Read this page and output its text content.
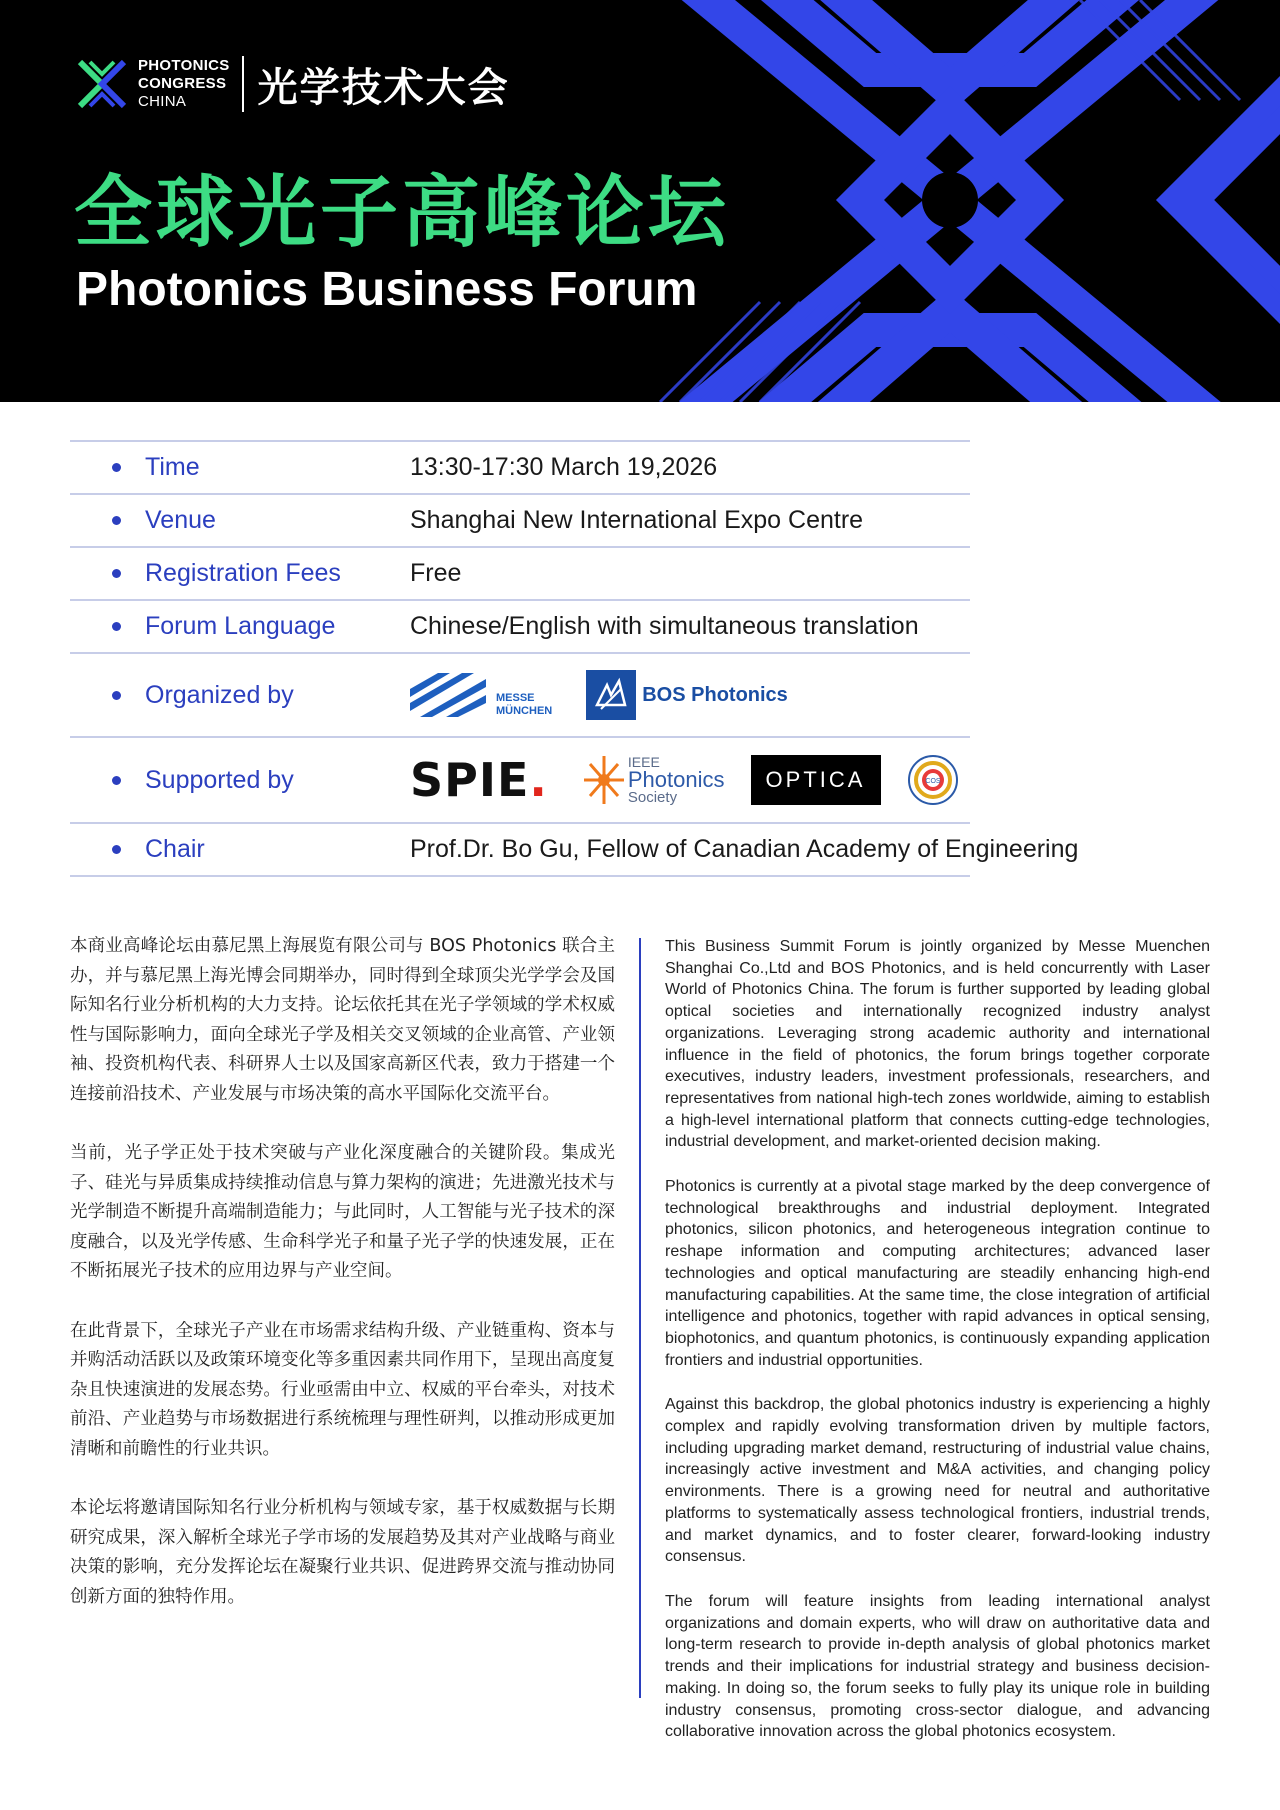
PHOTONICS
CONGRESS
CHINA	光学技术大会
全球光子高峰论坛
Photonics Business Forum
Time	13:30-17:30 March 19,2026
Venue	Shanghai New International Expo Centre
Registration Fees	Free
Forum Language	Chinese/English with simultaneous translation
Organized by	MESSE
MÜNCHEN
BOS Photonics
Supported by	SPIE.	IEEE
Photonics
Society
OPTICA	COS
Chair	Prof.Dr. Bo Gu, Fellow of Canadian Academy of Engineering

本商业高峰论坛由慕尼黑上海展览有限公司与 BOS Photonics 联合主办，并与慕尼黑上海光博会同期举办，同时得到全球顶尖光学学会及国际知名行业分析机构的大力支持。论坛依托其在光子学领域的学术权威性与国际影响力，面向全球光子学及相关交叉领域的企业高管、产业领袖、投资机构代表、科研界人士以及国家高新区代表，致力于搭建一个连接前沿技术、产业发展与市场决策的高水平国际化交流平台。

当前，光子学正处于技术突破与产业化深度融合的关键阶段。集成光子、硅光与异质集成持续推动信息与算力架构的演进；先进激光技术与光学制造不断提升高端制造能力；与此同时，人工智能与光子技术的深度融合，以及光学传感、生命科学光子和量子光子学的快速发展，正在不断拓展光子技术的应用边界与产业空间。

在此背景下，全球光子产业在市场需求结构升级、产业链重构、资本与并购活动活跃以及政策环境变化等多重因素共同作用下，呈现出高度复杂且快速演进的发展态势。行业亟需由中立、权威的平台牵头，对技术前沿、产业趋势与市场数据进行系统梳理与理性研判，以推动形成更加清晰和前瞻性的行业共识。

本论坛将邀请国际知名行业分析机构与领域专家，基于权威数据与长期研究成果，深入解析全球光子学市场的发展趋势及其对产业战略与商业决策的影响，充分发挥论坛在凝聚行业共识、促进跨界交流与推动协同创新方面的独特作用。

This Business Summit Forum is jointly organized by Messe Muenchen Shanghai Co.,Ltd and BOS Photonics, and is held concurrently with Laser World of Photonics China. The forum is further supported by leading global optical societies and internationally recognized industry analyst organizations. Leveraging strong academic authority and international influence in the field of photonics, the forum brings together corporate executives, industry leaders, investment professionals, researchers, and representatives from national high-tech zones worldwide, aiming to establish a high-level international platform that connects cutting-edge technologies, industrial development, and market-oriented decision making.

Photonics is currently at a pivotal stage marked by the deep convergence of technological breakthroughs and industrial deployment. Integrated photonics, silicon photonics, and heterogeneous integration continue to reshape information and computing architectures; advanced laser technologies and optical manufacturing are steadily enhancing high-end manufacturing capabilities. At the same time, the close integration of artificial intelligence and photonics, together with rapid advances in optical sensing, biophotonics, and quantum photonics, is continuously expanding application frontiers and industrial opportunities.

Against this backdrop, the global photonics industry is experiencing a highly complex and rapidly evolving transformation driven by multiple factors, including upgrading market demand, restructuring of industrial value chains, increasingly active investment and M&A activities, and changing policy environments. There is a growing need for neutral and authoritative platforms to systematically assess technological frontiers, industrial trends, and market dynamics, and to foster clearer, forward-looking industry consensus.

The forum will feature insights from leading international analyst organizations and domain experts, who will draw on authoritative data and long-term research to provide in-depth analysis of global photonics market trends and their implications for industrial strategy and business decision-making. In doing so, the forum seeks to fully play its unique role in building industry consensus, promoting cross-sector dialogue, and advancing collaborative innovation across the global photonics ecosystem.
